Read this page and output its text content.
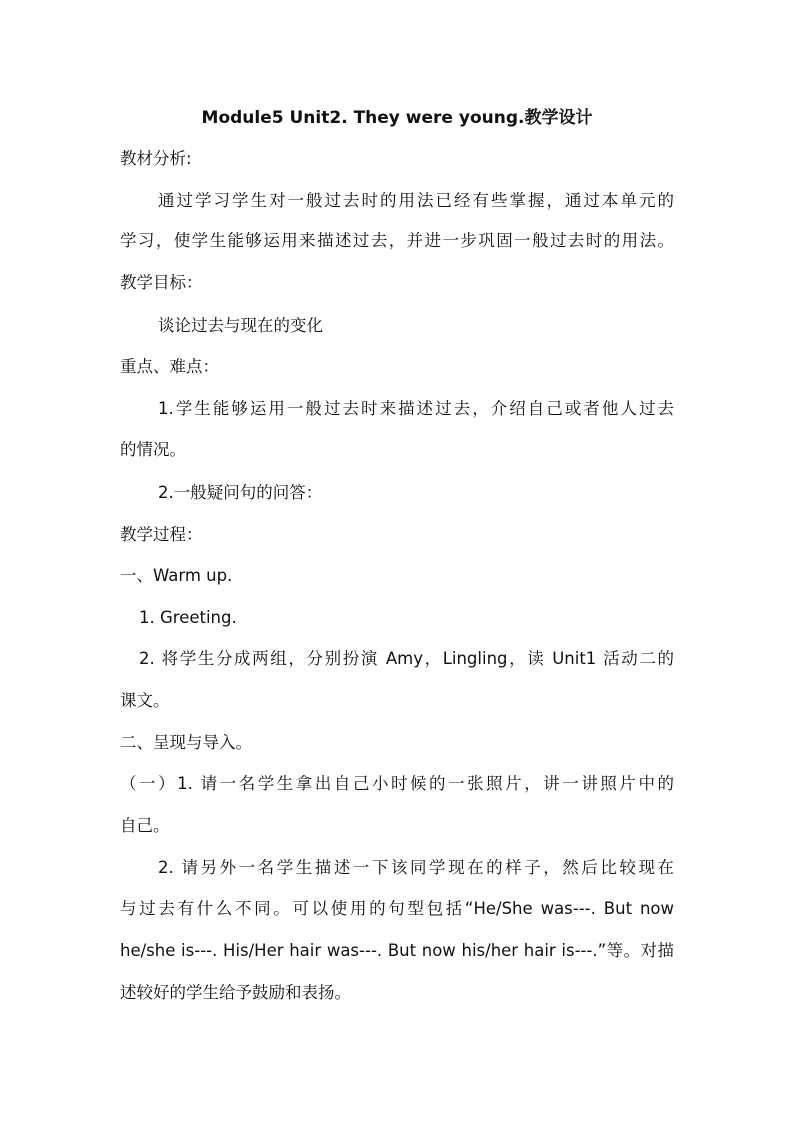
Module5 Unit2. They were young.教学设计
教材分析:
通过学习学生对一般过去时的用法已经有些掌握，通过本单元的
学习，使学生能够运用来描述过去，并进一步巩固一般过去时的用法。
教学目标：
谈论过去与现在的变化
重点、难点：
1.学生能够运用一般过去时来描述过去，介绍自己或者他人过去
的情况。
2.一般疑问句的问答：
教学过程：
一、Warm up.
1. Greeting.
2. 将学生分成两组，分别扮演 Amy，Lingling，读 Unit1 活动二的
课文。
二、呈现与导入。
（一）1. 请一名学生拿出自己小时候的一张照片，讲一讲照片中的
自己。
2. 请另外一名学生描述一下该同学现在的样子，然后比较现在
与过去有什么不同。可以使用的句型包括“He/She was---. But now
he/she is---. His/Her hair was---. But now his/her hair is---.”等。对描
述较好的学生给予鼓励和表扬。
